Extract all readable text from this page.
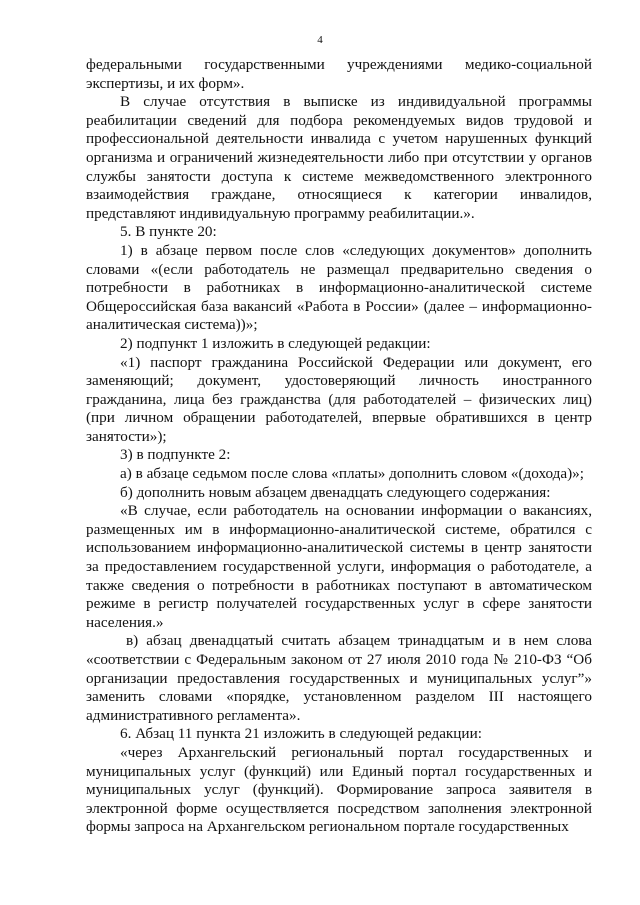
4

федеральными государственными учреждениями медико-социальной экспертизы, и их форм».

В случае отсутствия в выписке из индивидуальной программы реабилитации сведений для подбора рекомендуемых видов трудовой и профессиональной деятельности инвалида с учетом нарушенных функций организма и ограничений жизнедеятельности либо при отсутствии у органов службы занятости доступа к системе межведомственного электронного взаимодействия граждане, относящиеся к категории инвалидов, представляют индивидуальную программу реабилитации.».

5. В пункте 20:

1) в абзаце первом после слов «следующих документов» дополнить словами «(если работодатель не размещал предварительно сведения о потребности в работниках в информационно-аналитической системе Общероссийская база вакансий «Работа в России» (далее – информационно-аналитическая система))»;

2) подпункт 1 изложить в следующей редакции:

«1) паспорт гражданина Российской Федерации или документ, его заменяющий; документ, удостоверяющий личность иностранного гражданина, лица без гражданства (для работодателей – физических лиц) (при личном обращении работодателей, впервые обратившихся в центр занятости»);

3) в подпункте 2:

а) в абзаце седьмом после слова «платы» дополнить словом «(дохода)»;

б) дополнить новым абзацем двенадцать следующего содержания:

«В случае, если работодатель на основании информации о вакансиях, размещенных им в информационно-аналитической системе, обратился с использованием информационно-аналитической системы в центр занятости за предоставлением государственной услуги, информация о работодателе, а также сведения о потребности в работниках поступают в автоматическом режиме в регистр получателей государственных услуг в сфере занятости населения.»

в) абзац двенадцатый считать абзацем тринадцатым и в нем слова «соответствии с Федеральным законом от 27 июля 2010 года № 210-ФЗ “Об организации предоставления государственных и муниципальных услуг”» заменить словами «порядке, установленном разделом III настоящего административного регламента».

6. Абзац 11 пункта 21 изложить в следующей редакции:

«через Архангельский региональный портал государственных и муниципальных услуг (функций) или Единый портал государственных и муниципальных услуг (функций). Формирование запроса заявителя в электронной форме осуществляется посредством заполнения электронной формы запроса на Архангельском региональном портале государственных
